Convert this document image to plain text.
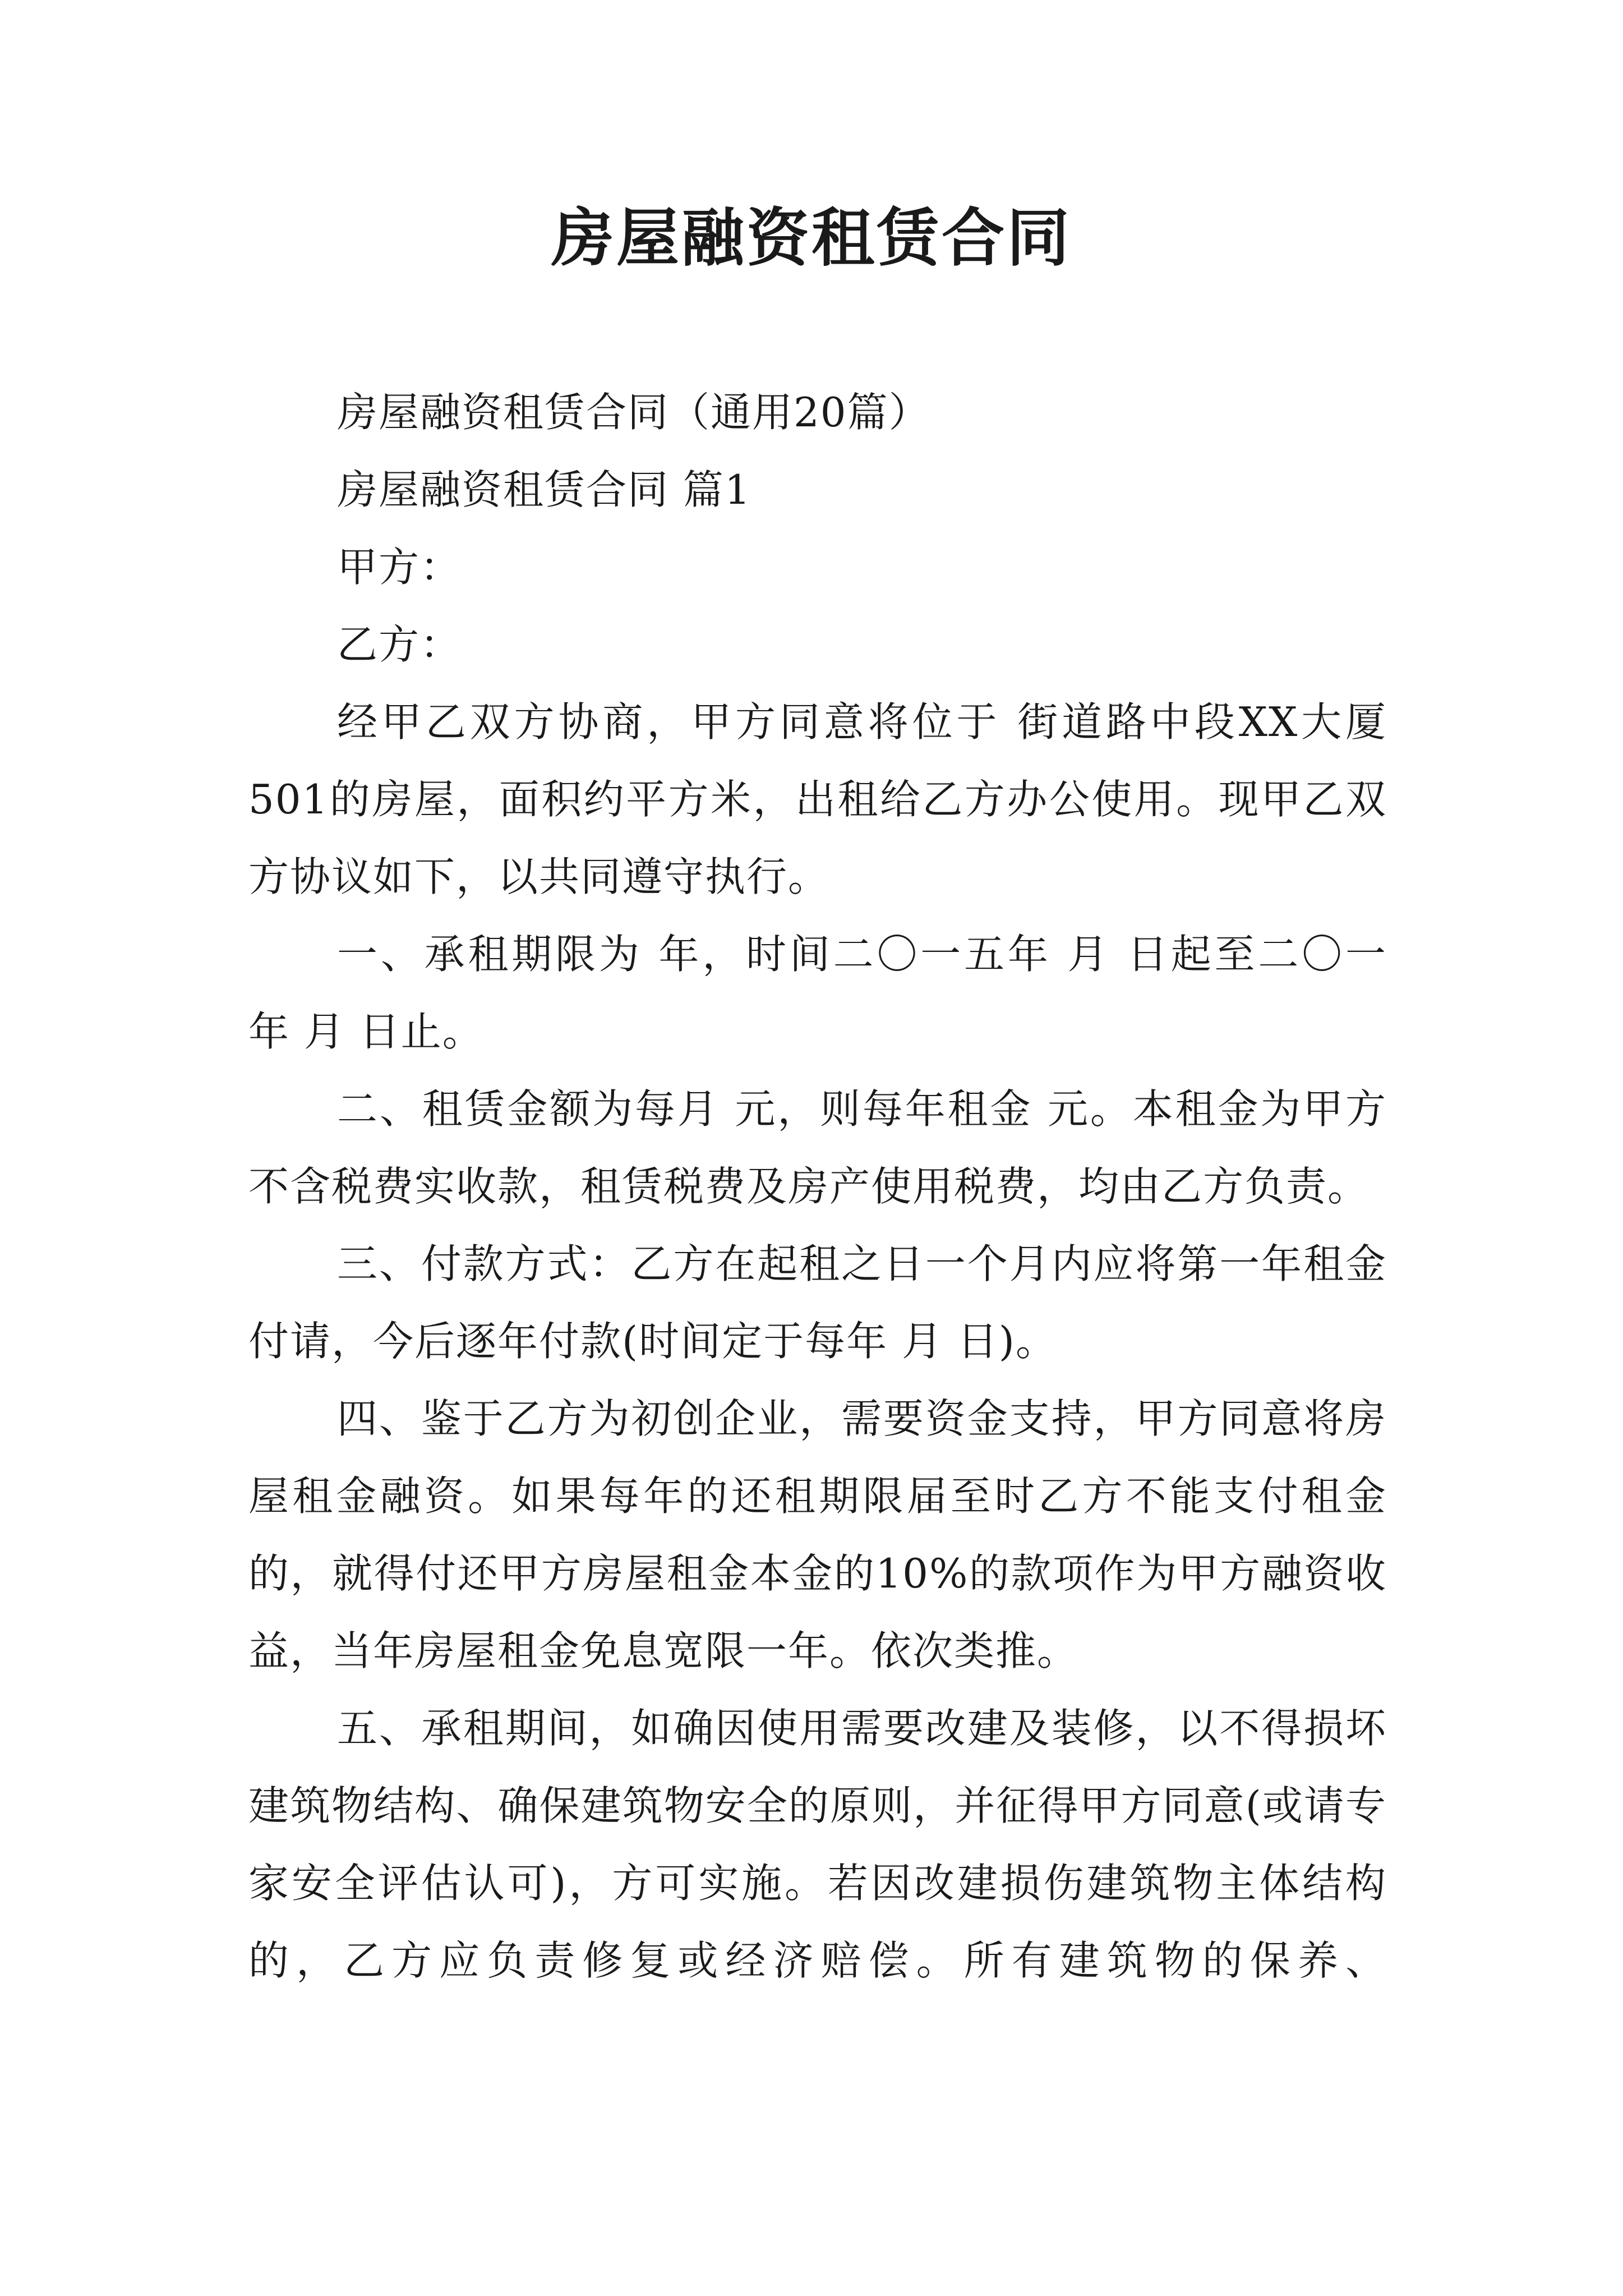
房屋融资租赁合同

房屋融资租赁合同（通用20篇）

房屋融资租赁合同 篇1

甲方：

乙方：

经甲乙双方协商，甲方同意将位于 街道路中段XX大厦501的房屋，面积约平方米，出租给乙方办公使用。现甲乙双方协议如下，以共同遵守执行。

一、承租期限为 年，时间二〇一五年 月 日起至二〇一 年 月 日止。

二、租赁金额为每月 元，则每年租金 元。本租金为甲方不含税费实收款，租赁税费及房产使用税费，均由乙方负责。

三、付款方式：乙方在起租之日一个月内应将第一年租金付请，今后逐年付款(时间定于每年 月 日)。

四、鉴于乙方为初创企业，需要资金支持，甲方同意将房屋租金融资。如果每年的还租期限届至时乙方不能支付租金的，就得付还甲方房屋租金本金的10%的款项作为甲方融资收益，当年房屋租金免息宽限一年。依次类推。

五、承租期间，如确因使用需要改建及装修，以不得损坏建筑物结构、确保建筑物安全的原则，并征得甲方同意(或请专家安全评估认可)，方可实施。若因改建损伤建筑物主体结构的，乙方应负责修复或经济赔偿。所有建筑物的保养、
